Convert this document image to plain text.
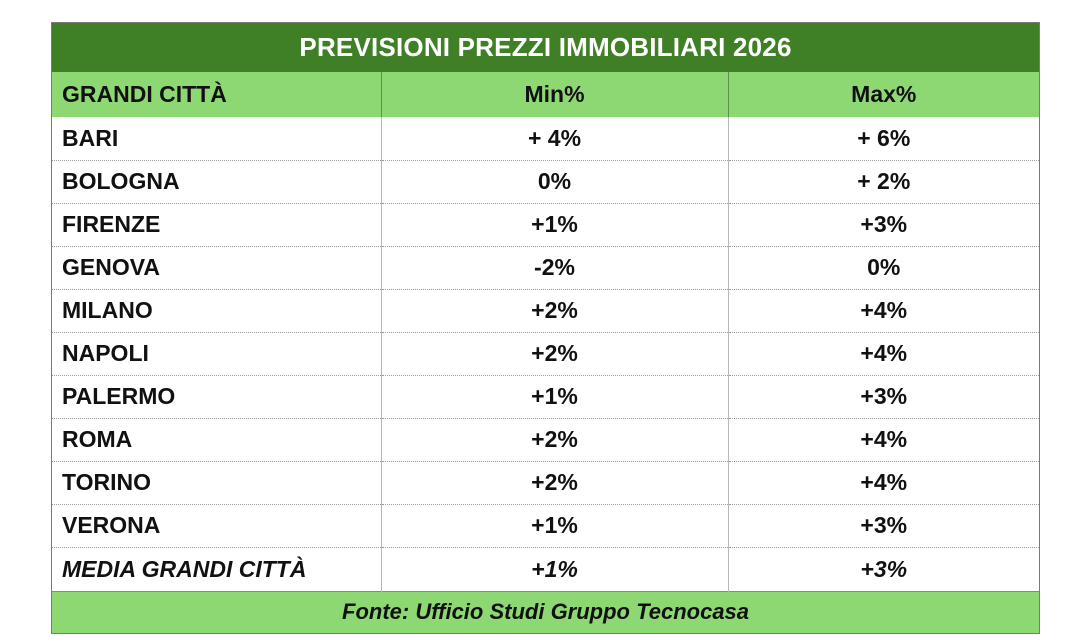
PREVISIONI PREZZI IMMOBILIARI 2026		
GRANDI CITTÀ	Min%	Max%
BARI	+ 4%	+ 6%
BOLOGNA	0%	+ 2%
FIRENZE	+1%	+3%
GENOVA	-2%	0%
MILANO	+2%	+4%
NAPOLI	+2%	+4%
PALERMO	+1%	+3%
ROMA	+2%	+4%
TORINO	+2%	+4%
VERONA	+1%	+3%
MEDIA GRANDI CITTÀ	+1%	+3%
Fonte: Ufficio Studi Gruppo Tecnocasa		
